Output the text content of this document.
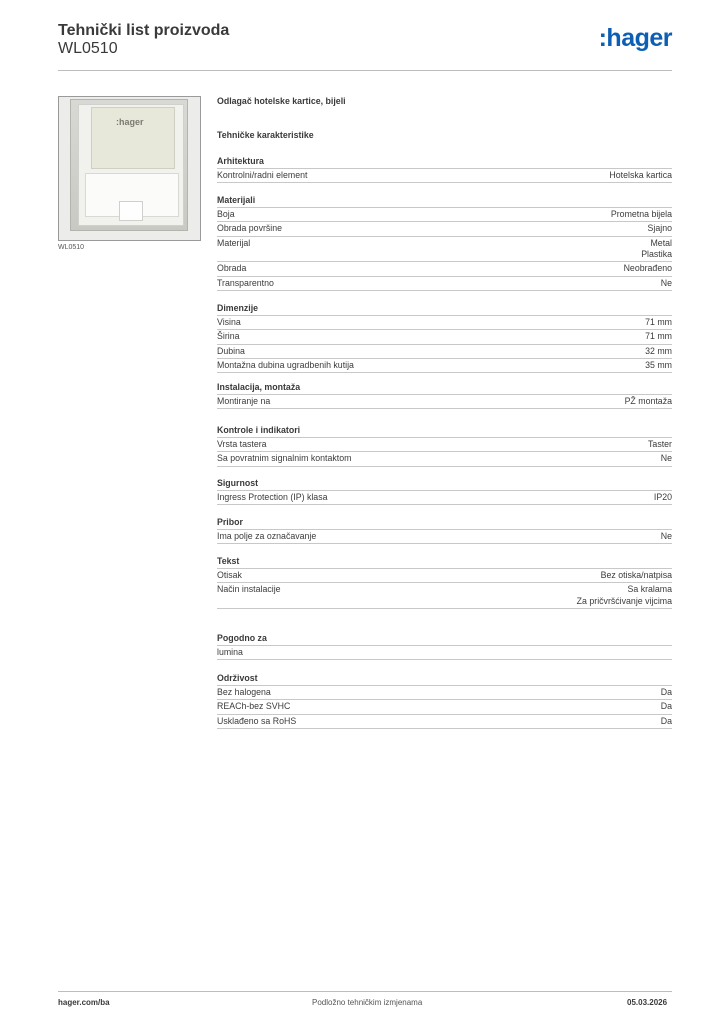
Tehnički list proizvoda
WL0510	:hager
:hager
WL0510
Odlagač hotelske kartice, bijeli
Tehničke karakteristike
Arhitektura
Kontrolni/radni element	Hotelska kartica
Materijali
Boja	Prometna bijela
Obrada površine	Sjajno
Materijal	Metal
Plastika
Obrada	Neobrađeno
Transparentno	Ne
Dimenzije
Visina	71 mm
Širina	71 mm
Dubina	32 mm
Montažna dubina ugradbenih kutija	35 mm
Instalacija, montaža
Montiranje na	PŽ montaža
Kontrole i indikatori
Vrsta tastera	Taster
Sa povratnim signalnim kontaktom	Ne
Sigurnost
Ingress Protection (IP) klasa	IP20
Pribor
Ima polje za označavanje	Ne
Tekst
Otisak	Bez otiska/natpisa
Način instalacije	Sa kralama
Za pričvršćivanje vijcima
Pogodno za
lumina
Održivost
Bez halogena	Da
REACh-bez SVHC	Da
Usklađeno sa RoHS	Da
hager.com/ba	Podložno tehničkim izmjenama	05.03.2026
